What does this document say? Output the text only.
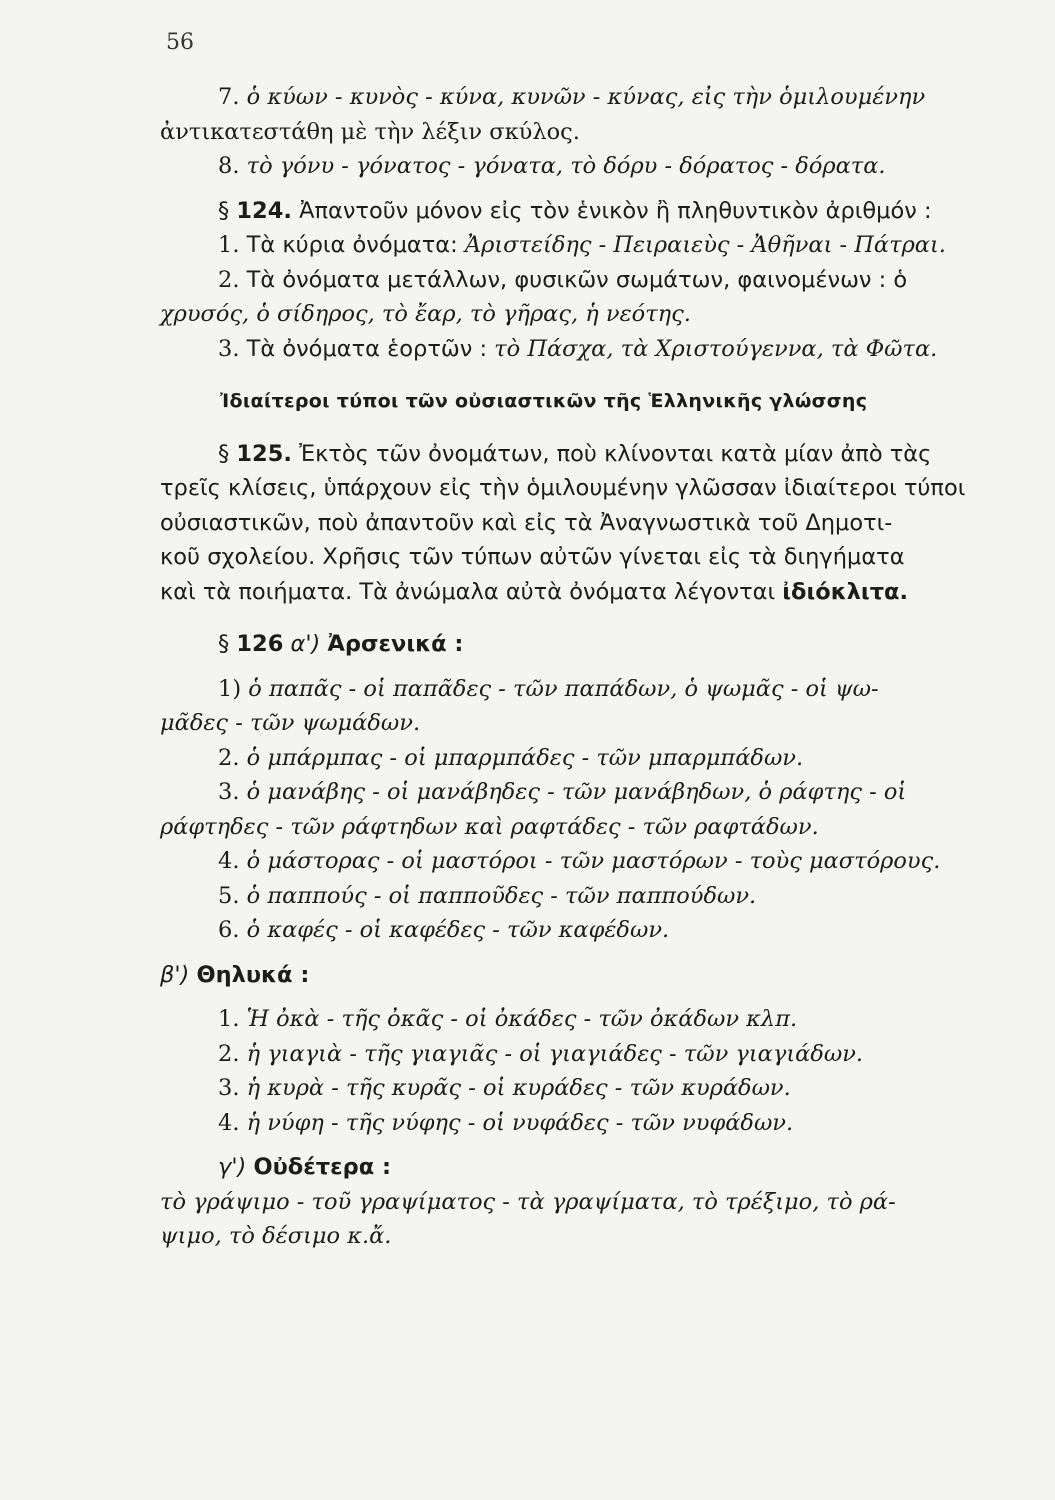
56
7. ὁ κύων - κυνὸς - κύνα, κυνῶν - κύνας, εἰς τὴν ὁμιλουμένην
ἀντικατεστάθη μὲ τὴν λέξιν σκύλος.
8. τὸ γόνυ - γόνατος - γόνατα, τὸ δόρυ - δόρατος - δόρατα.
§ 124. Ἀπαντοῦν μόνον εἰς τὸν ἑνικὸν ἢ πληθυντικὸν ἀριθμόν :
1. Τὰ κύρια ὀνόματα: Ἀριστείδης - Πειραιεὺς - Ἀθῆναι - Πάτραι.
2. Τὰ ὀνόματα μετάλλων, φυσικῶν σωμάτων, φαινομένων : ὁ
χρυσός, ὁ σίδηρος, τὸ ἔαρ, τὸ γῆρας, ἡ νεότης.
3. Τὰ ὀνόματα ἑορτῶν : τὸ Πάσχα, τὰ Χριστούγεννα, τὰ Φῶτα.
Ἰδιαίτεροι τύποι τῶν οὐσιαστικῶν τῆς Ἑλληνικῆς γλώσσης
§ 125. Ἐκτὸς τῶν ὀνομάτων, ποὺ κλίνονται κατὰ μίαν ἀπὸ τὰς
τρεῖς κλίσεις, ὑπάρχουν εἰς τὴν ὁμιλουμένην γλῶσσαν ἰδιαίτεροι τύποι
οὐσιαστικῶν, ποὺ ἀπαντοῦν καὶ εἰς τὰ Ἀναγνωστικὰ τοῦ Δημοτι-
κοῦ σχολείου. Χρῆσις τῶν τύπων αὐτῶν γίνεται εἰς τὰ διηγήματα
καὶ τὰ ποιήματα. Τὰ ἀνώμαλα αὐτὰ ὀνόματα λέγονται ἰδιόκλιτα.
§ 126 α') Ἀρσενικά :
1) ὁ παπᾶς - οἱ παπᾶδες - τῶν παπάδων, ὁ ψωμᾶς - οἱ ψω-
μᾶδες - τῶν ψωμάδων.
2. ὁ μπάρμπας - οἱ μπαρμπάδες - τῶν μπαρμπάδων.
3. ὁ μανάβης - οἱ μανάβηδες - τῶν μανάβηδων, ὁ ράφτης - οἱ
ράφτηδες - τῶν ράφτηδων καὶ ραφτάδες - τῶν ραφτάδων.
4. ὁ μάστορας - οἱ μαστόροι - τῶν μαστόρων - τοὺς μαστόρους.
5. ὁ παππούς - οἱ παπποῦδες - τῶν παππούδων.
6. ὁ καφές - οἱ καφέδες - τῶν καφέδων.
β') Θηλυκά :
1. Ἡ ὀκὰ - τῆς ὀκᾶς - οἱ ὀκάδες - τῶν ὀκάδων κλπ.
2. ἡ γιαγιὰ - τῆς γιαγιᾶς - οἱ γιαγιάδες - τῶν γιαγιάδων.
3. ἡ κυρὰ - τῆς κυρᾶς - οἱ κυράδες - τῶν κυράδων.
4. ἡ νύφη - τῆς νύφης - οἱ νυφάδες - τῶν νυφάδων.
γ') Οὐδέτερα :
τὸ γράψιμο - τοῦ γραψίματος - τὰ γραψίματα, τὸ τρέξιμο, τὸ ρά-
ψιμο, τὸ δέσιμο κ.ἄ.
